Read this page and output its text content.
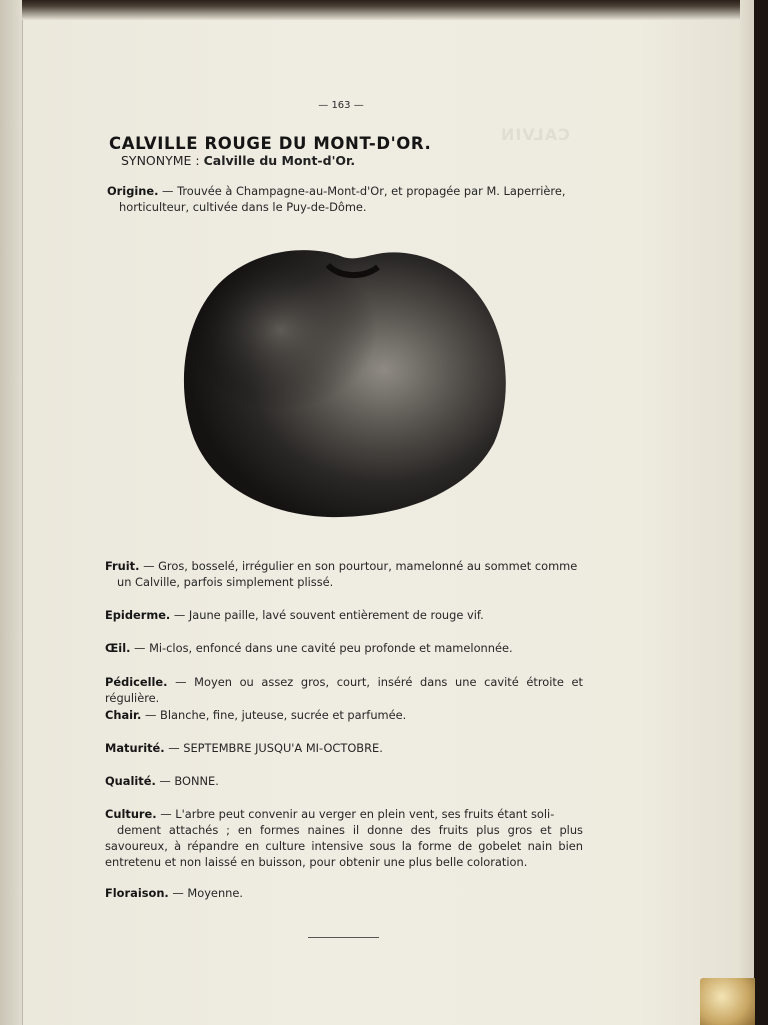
CALVIN
— 163 —
CALVILLE ROUGE DU MONT-D'OR.
SYNONYME : Calville du Mont-d'Or.
Origine. — Trouvée à Champagne-au-Mont-d'Or, et propagée par M. Laperrière,
horticulteur, cultivée dans le Puy-de-Dôme.
Fruit. — Gros, bosselé, irrégulier en son pourtour, mamelonné au sommet comme
un Calville, parfois simplement plissé.
Epiderme. — Jaune paille, lavé souvent entièrement de rouge vif.
Œil. — Mi-clos, enfoncé dans une cavité peu profonde et mamelonnée.
Pédicelle. — Moyen ou assez gros, court, inséré dans une cavité étroite et régulière.
Chair. — Blanche, fine, juteuse, sucrée et parfumée.
Maturité. — SEPTEMBRE JUSQU'A MI-OCTOBRE.
Qualité. — BONNE.
Culture. — L'arbre peut convenir au verger en plein vent, ses fruits étant soli-
dement attachés ; en formes naines il donne des fruits plus gros et plus savoureux, à répandre en culture intensive sous la forme de gobelet nain bien entretenu et non laissé en buisson, pour obtenir une plus belle coloration.
Floraison. — Moyenne.
